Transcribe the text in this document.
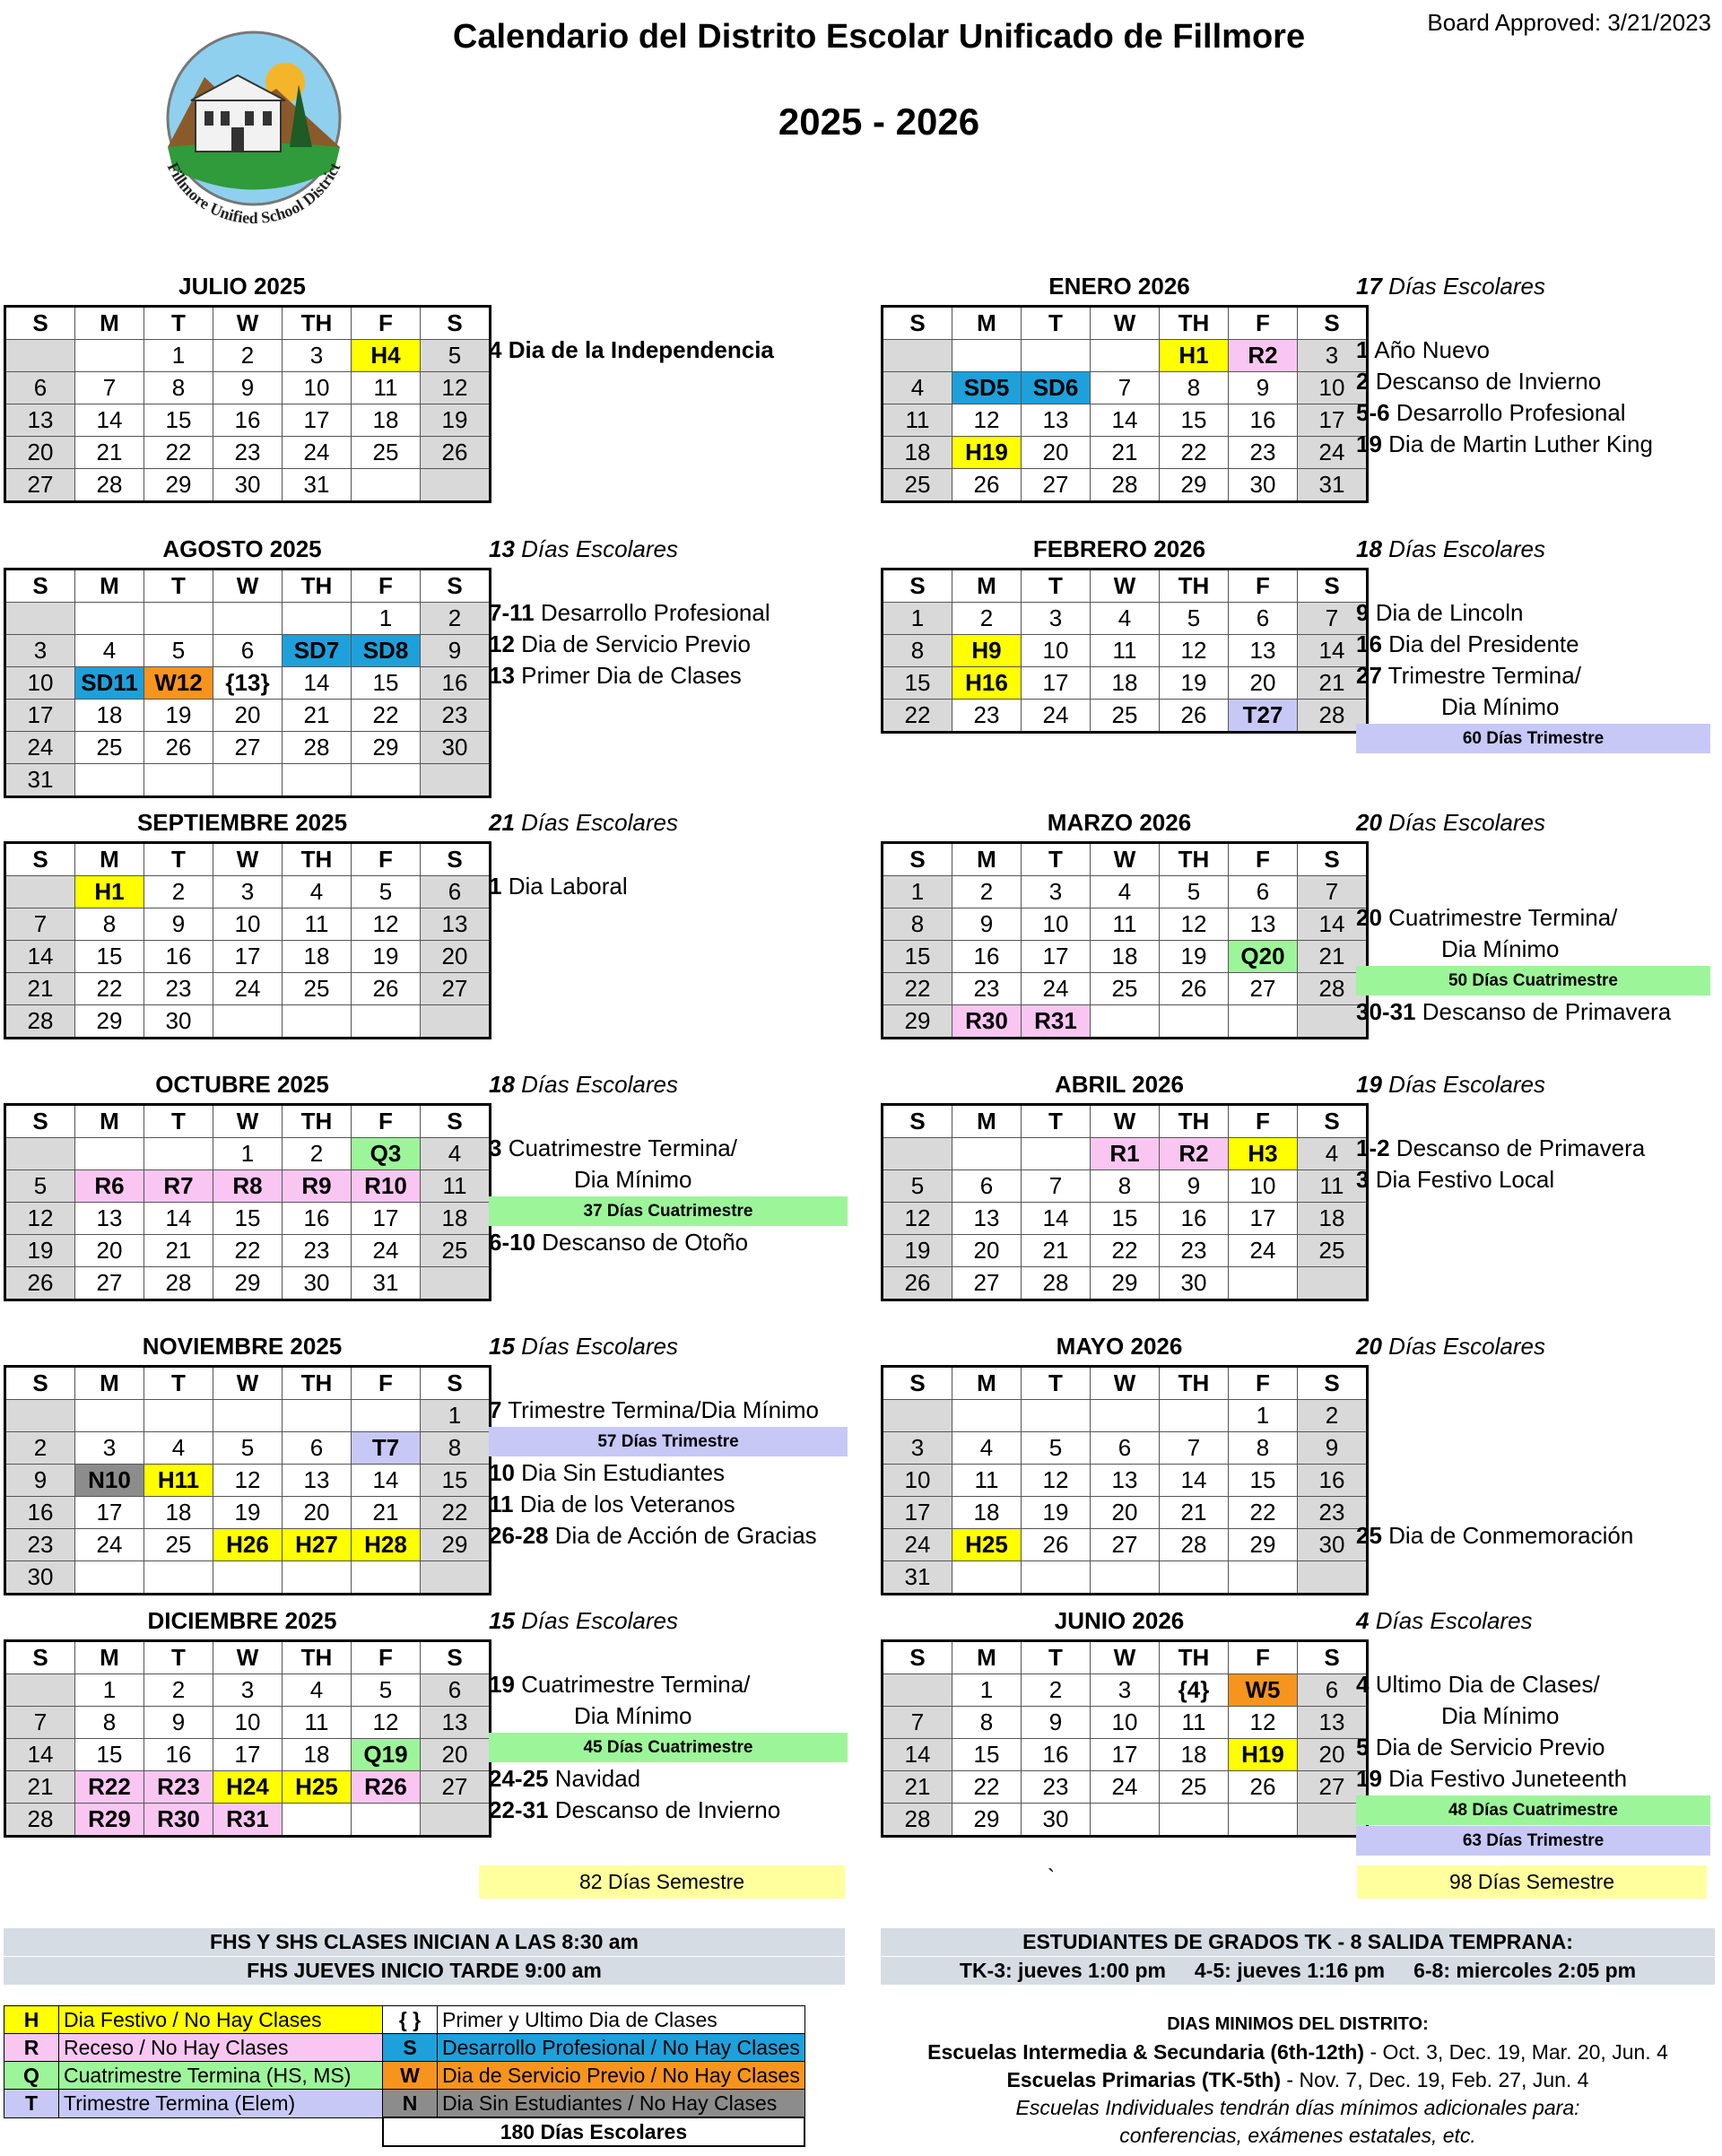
Calendario del Distrito Escolar Unificado de Fillmore
2025 - 2026
Board Approved: 3/21/2023
Fillmore Unified School District
JULIO 2025
S	M	T	W	TH	F	S
		1	2	3	H4	5
6	7	8	9	10	11	12
13	14	15	16	17	18	19
20	21	22	23	24	25	26
27	28	29	30	31		
4 Dia de la Independencia
ENERO 2026
S	M	T	W	TH	F	S
				H1	R2	3
4	SD5	SD6	7	8	9	10
11	12	13	14	15	16	17
18	H19	20	21	22	23	24
25	26	27	28	29	30	31
17 Días Escolares
1 Año Nuevo
2 Descanso de Invierno
5-6 Desarrollo Profesional
19 Dia de Martin Luther King
AGOSTO 2025
S	M	T	W	TH	F	S
					1	2
3	4	5	6	SD7	SD8	9
10	SD11	W12	{13}	14	15	16
17	18	19	20	21	22	23
24	25	26	27	28	29	30
31						
13 Días Escolares
7-11 Desarrollo Profesional
12 Dia de Servicio Previo
13 Primer Dia de Clases
FEBRERO 2026
S	M	T	W	TH	F	S
1	2	3	4	5	6	7
8	H9	10	11	12	13	14
15	H16	17	18	19	20	21
22	23	24	25	26	T27	28
18 Días Escolares
9 Dia de Lincoln
16 Dia del Presidente
27 Trimestre Termina/
Dia Mínimo
60 Días Trimestre
SEPTIEMBRE 2025
S	M	T	W	TH	F	S
	H1	2	3	4	5	6
7	8	9	10	11	12	13
14	15	16	17	18	19	20
21	22	23	24	25	26	27
28	29	30				
21 Días Escolares
1 Dia Laboral
MARZO 2026
S	M	T	W	TH	F	S
1	2	3	4	5	6	7
8	9	10	11	12	13	14
15	16	17	18	19	Q20	21
22	23	24	25	26	27	28
29	R30	R31				
20 Días Escolares
20 Cuatrimestre Termina/
Dia Mínimo
50 Días Cuatrimestre
30-31 Descanso de Primavera
OCTUBRE 2025
S	M	T	W	TH	F	S
			1	2	Q3	4
5	R6	R7	R8	R9	R10	11
12	13	14	15	16	17	18
19	20	21	22	23	24	25
26	27	28	29	30	31	
18 Días Escolares
3 Cuatrimestre Termina/
Dia Mínimo
37 Días Cuatrimestre
6-10 Descanso de Otoño
ABRIL 2026
S	M	T	W	TH	F	S
			R1	R2	H3	4
5	6	7	8	9	10	11
12	13	14	15	16	17	18
19	20	21	22	23	24	25
26	27	28	29	30		
19 Días Escolares
1-2 Descanso de Primavera
3 Dia Festivo Local
NOVIEMBRE 2025
S	M	T	W	TH	F	S
						1
2	3	4	5	6	T7	8
9	N10	H11	12	13	14	15
16	17	18	19	20	21	22
23	24	25	H26	H27	H28	29
30						
15 Días Escolares
7 Trimestre Termina/Dia Mínimo
57 Días Trimestre
10 Dia Sin Estudiantes
11 Dia de los Veteranos
26-28 Dia de Acción de Gracias
MAYO 2026
S	M	T	W	TH	F	S
					1	2
3	4	5	6	7	8	9
10	11	12	13	14	15	16
17	18	19	20	21	22	23
24	H25	26	27	28	29	30
31						
20 Días Escolares
25 Dia de Conmemoración
DICIEMBRE 2025
S	M	T	W	TH	F	S
	1	2	3	4	5	6
7	8	9	10	11	12	13
14	15	16	17	18	Q19	20
21	R22	R23	H24	H25	R26	27
28	R29	R30	R31			
15 Días Escolares
19 Cuatrimestre Termina/
Dia Mínimo
45 Días Cuatrimestre
24-25 Navidad
22-31 Descanso de Invierno
JUNIO 2026
S	M	T	W	TH	F	S
	1	2	3	{4}	W5	6
7	8	9	10	11	12	13
14	15	16	17	18	H19	20
21	22	23	24	25	26	27
28	29	30				
4 Días Escolares
4 Ultimo Dia de Clases/
Dia Mínimo
5 Dia de Servicio Previo
19 Dia Festivo Juneteenth
48 Días Cuatrimestre
63 Días Trimestre
82 Días Semestre	98 Días Semestre
`
FHS Y SHS CLASES INICIAN A LAS 8:30 am
FHS JUEVES INICIO TARDE 9:00 am
ESTUDIANTES DE GRADOS TK - 8 SALIDA TEMPRANA:
TK-3: jueves 1:00 pm     4-5: jueves 1:16 pm     6-8: miercoles 2:05 pm
H	Dia Festivo / No Hay Clases	{ }	Primer y Ultimo Dia de Clases
R	Receso / No Hay Clases	S	Desarrollo Profesional / No Hay Clases
Q	Cuatrimestre Termina (HS, MS)	W	Dia de Servicio Previo / No Hay Clases
T	Trimestre Termina (Elem)	N	Dia Sin Estudiantes / No Hay Clases
		180 Días Escolares	
DIAS MINIMOS DEL DISTRITO:
Escuelas Intermedia & Secundaria (6th-12th) - Oct. 3, Dec. 19, Mar. 20, Jun. 4
Escuelas Primarias (TK-5th) - Nov. 7, Dec. 19, Feb. 27, Jun. 4
Escuelas Individuales tendrán días mínimos adicionales para:
conferencias, exámenes estatales, etc.
